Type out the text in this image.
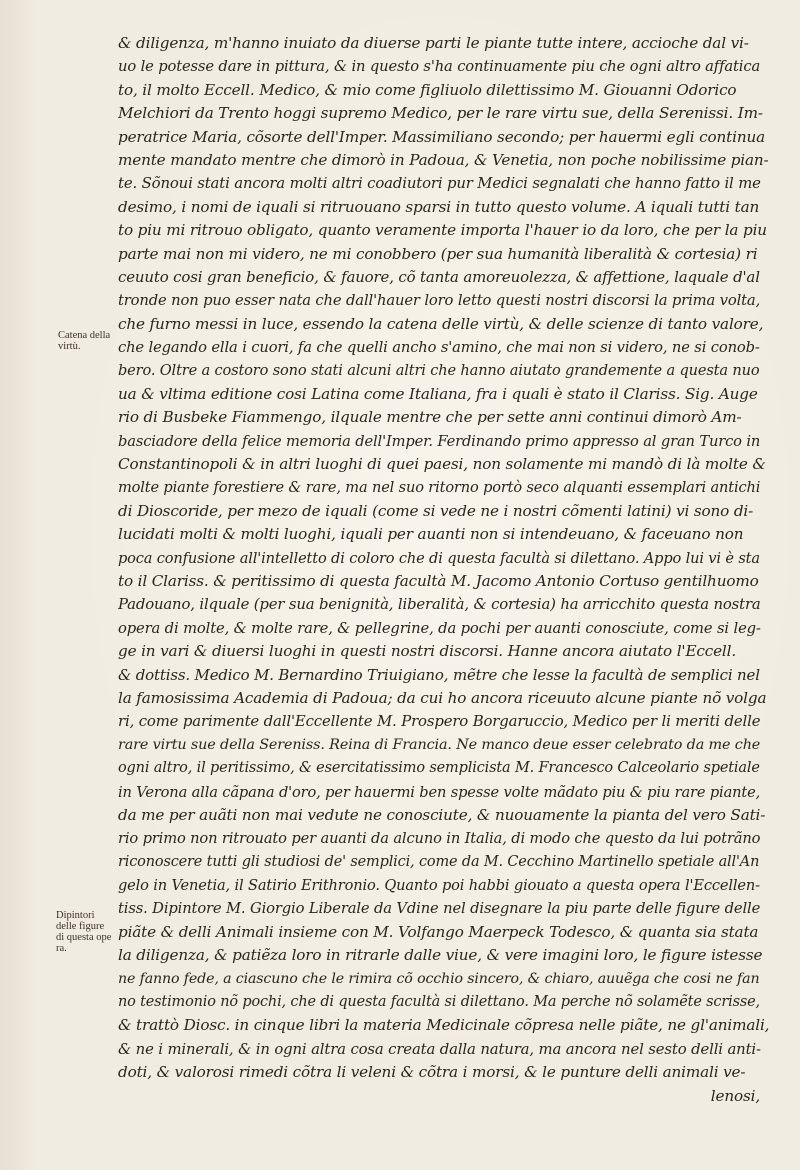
& diligenza, m'hanno inuiato da diuerse parti le piante tutte intere, accioche dal vi-
uo le potesse dare in pittura, & in questo s'ha continuamente piu che ogni altro affatica
to, il molto Eccell. Medico, & mio come figliuolo dilettissimo M. Giouanni Odorico
Melchiori da Trento hoggi supremo Medico, per le rare virtu sue, della Serenissi. Im-
peratrice Maria, cõsorte dell'Imper. Massimiliano secondo; per hauermi egli continua
mente mandato mentre che dimorò in Padoua, & Venetia, non poche nobilissime pian-
te. Sõnoui stati ancora molti altri coadiutori pur Medici segnalati che hanno fatto il me
desimo, i nomi de iquali si ritruouano sparsi in tutto questo volume. A iquali tutti tan
to piu mi ritrouo obligato, quanto veramente importa l'hauer io da loro, che per la piu
parte mai non mi videro, ne mi conobbero (per sua humanità liberalità & cortesia) ri
ceuuto cosi gran beneficio, & fauore, cõ tanta amoreuolezza, & affettione, laquale d'al
tronde non puo esser nata che dall'hauer loro letto questi nostri discorsi la prima volta,
che furno messi in luce, essendo la catena delle virtù, & delle scienze di tanto valore,
che legando ella i cuori, fa che quelli ancho s'amino, che mai non si videro, ne si conob-
bero. Oltre a costoro sono stati alcuni altri che hanno aiutato grandemente a questa nuo
ua & vltima editione cosi Latina come Italiana, fra i quali è stato il Clariss. Sig. Auge
rio di Busbeke Fiammengo, ilquale mentre che per sette anni continui dimorò Am-
basciadore della felice memoria dell'Imper. Ferdinando primo appresso al gran Turco in
Constantinopoli & in altri luoghi di quei paesi, non solamente mi mandò di là molte &
molte piante forestiere & rare, ma nel suo ritorno portò seco alquanti essemplari antichi
di Dioscoride, per mezo de iquali (come si vede ne i nostri cõmenti latini) vi sono di-
lucidati molti & molti luoghi, iquali per auanti non si intendeuano, & faceuano non
poca confusione all'intelletto di coloro che di questa facultà si dilettano. Appo lui vi è sta
to il Clariss. & peritissimo di questa facultà M. Jacomo Antonio Cortuso gentilhuomo
Padouano, ilquale (per sua benignità, liberalità, & cortesia) ha arricchito questa nostra
opera di molte, & molte rare, & pellegrine, da pochi per auanti conosciute, come si leg-
ge in vari & diuersi luoghi in questi nostri discorsi. Hanne ancora aiutato l'Eccell.
& dottiss. Medico M. Bernardino Triuigiano, mẽtre che lesse la facultà de semplici nel
la famosissima Academia di Padoua; da cui ho ancora riceuuto alcune piante nõ volga
ri, come parimente dall'Eccellente M. Prospero Borgaruccio, Medico per li meriti delle
rare virtu sue della Sereniss. Reina di Francia. Ne manco deue esser celebrato da me che
ogni altro, il peritissimo, & esercitatissimo semplicista M. Francesco Calceolario spetiale
in Verona alla cãpana d'oro, per hauermi ben spesse volte mãdato piu & piu rare piante,
da me per auãti non mai vedute ne conosciute, & nuouamente la pianta del vero Sati-
rio primo non ritrouato per auanti da alcuno in Italia, di modo che questo da lui potrãno
riconoscere tutti gli studiosi de' semplici, come da M. Cecchino Martinello spetiale all'An
gelo in Venetia, il Satirio Erithronio. Quanto poi habbi giouato a questa opera l'Eccellen-
tiss. Dipintore M. Giorgio Liberale da Vdine nel disegnare la piu parte delle figure delle
piãte & delli Animali insieme con M. Volfango Maerpeck Todesco, & quanta sia stata
la diligenza, & patiẽza loro in ritrarle dalle viue, & vere imagini loro, le figure istesse
ne fanno fede, a ciascuno che le rimira cõ occhio sincero, & chiaro, auuẽga che cosi ne fan
no testimonio nõ pochi, che di questa facultà si dilettano. Ma perche nõ solamẽte scrisse,
& trattò Diosc. in cinque libri la materia Medicinale cõpresa nelle piãte, ne gl'animali,
& ne i minerali, & in ogni altra cosa creata dalla natura, ma ancora nel sesto delli anti-
doti, & valorosi rimedi cõtra li veleni & cõtra i morsi, & le punture delli animali ve-
lenosi,
Catena della
virtù.
Dipintori
delle figure
di questa ope
ra.
